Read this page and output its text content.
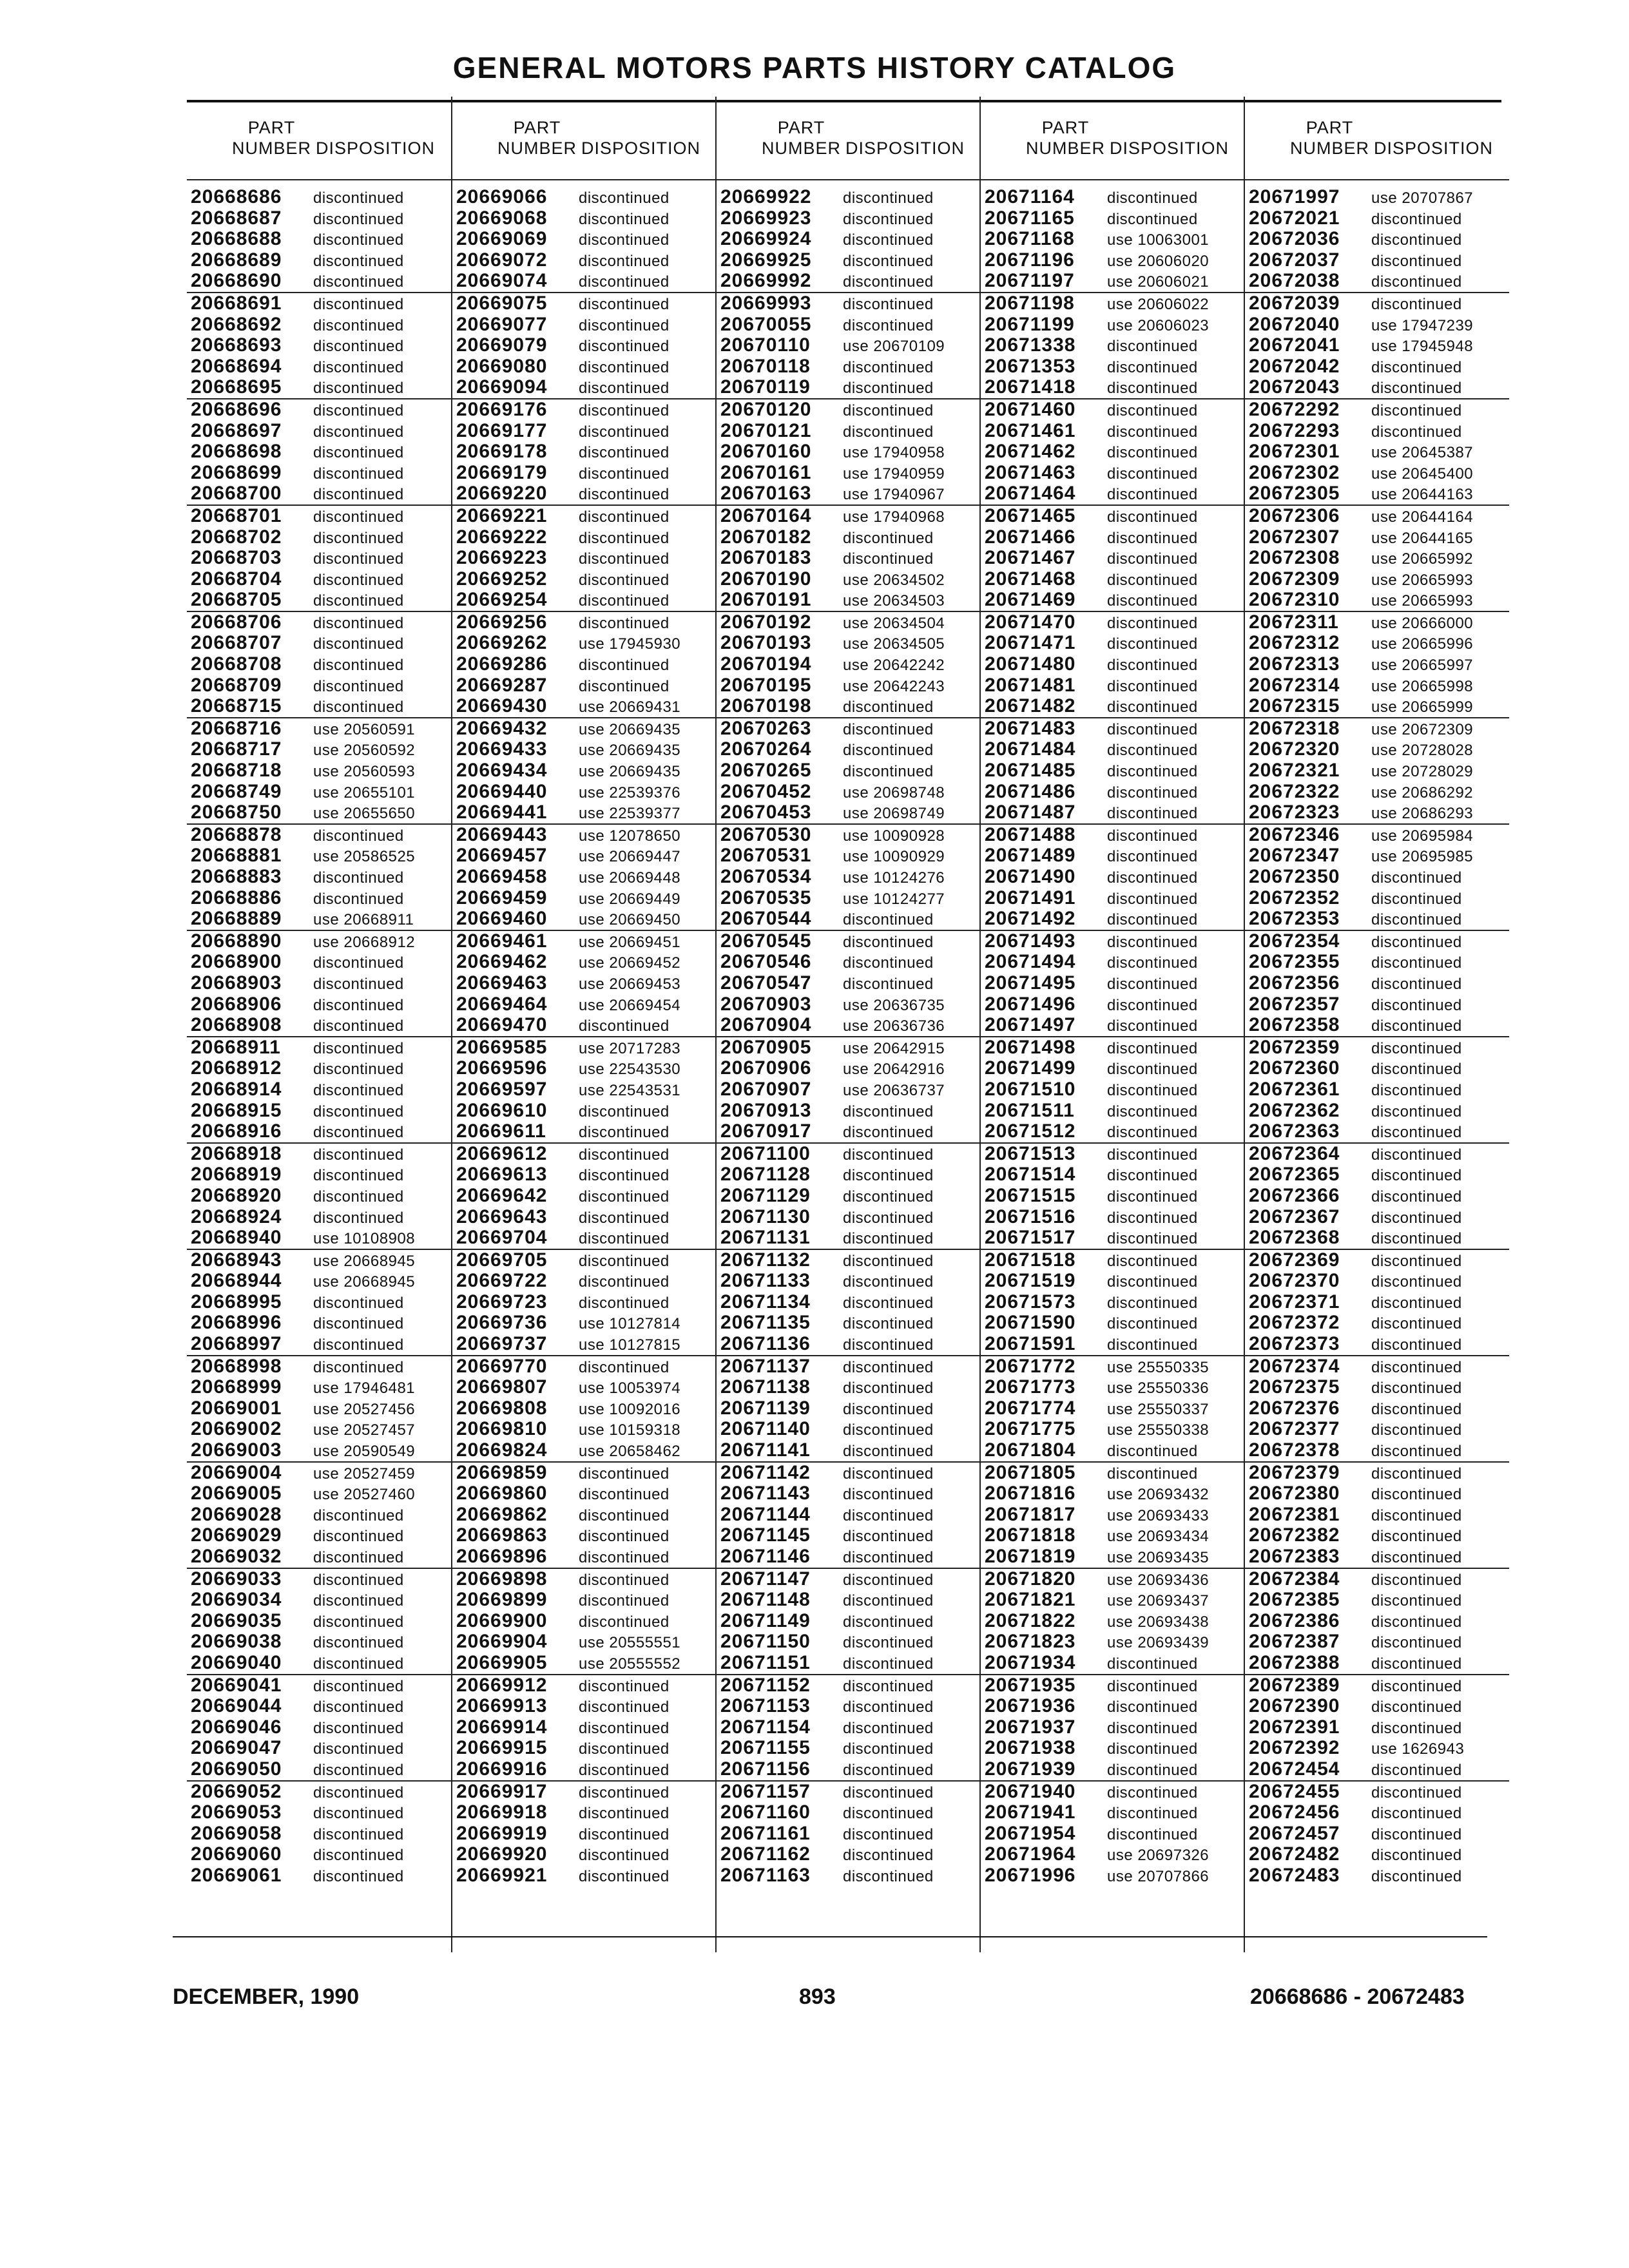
GENERAL MOTORS PARTS HISTORY CATALOG
PART
NUMBER DISPOSITION
20668686	discontinued
20668687	discontinued
20668688	discontinued
20668689	discontinued
20668690	discontinued
20668691	discontinued
20668692	discontinued
20668693	discontinued
20668694	discontinued
20668695	discontinued
20668696	discontinued
20668697	discontinued
20668698	discontinued
20668699	discontinued
20668700	discontinued
20668701	discontinued
20668702	discontinued
20668703	discontinued
20668704	discontinued
20668705	discontinued
20668706	discontinued
20668707	discontinued
20668708	discontinued
20668709	discontinued
20668715	discontinued
20668716	use 20560591
20668717	use 20560592
20668718	use 20560593
20668749	use 20655101
20668750	use 20655650
20668878	discontinued
20668881	use 20586525
20668883	discontinued
20668886	discontinued
20668889	use 20668911
20668890	use 20668912
20668900	discontinued
20668903	discontinued
20668906	discontinued
20668908	discontinued
20668911	discontinued
20668912	discontinued
20668914	discontinued
20668915	discontinued
20668916	discontinued
20668918	discontinued
20668919	discontinued
20668920	discontinued
20668924	discontinued
20668940	use 10108908
20668943	use 20668945
20668944	use 20668945
20668995	discontinued
20668996	discontinued
20668997	discontinued
20668998	discontinued
20668999	use 17946481
20669001	use 20527456
20669002	use 20527457
20669003	use 20590549
20669004	use 20527459
20669005	use 20527460
20669028	discontinued
20669029	discontinued
20669032	discontinued
20669033	discontinued
20669034	discontinued
20669035	discontinued
20669038	discontinued
20669040	discontinued
20669041	discontinued
20669044	discontinued
20669046	discontinued
20669047	discontinued
20669050	discontinued
20669052	discontinued
20669053	discontinued
20669058	discontinued
20669060	discontinued
20669061	discontinued
PART
NUMBER DISPOSITION
20669066	discontinued
20669068	discontinued
20669069	discontinued
20669072	discontinued
20669074	discontinued
20669075	discontinued
20669077	discontinued
20669079	discontinued
20669080	discontinued
20669094	discontinued
20669176	discontinued
20669177	discontinued
20669178	discontinued
20669179	discontinued
20669220	discontinued
20669221	discontinued
20669222	discontinued
20669223	discontinued
20669252	discontinued
20669254	discontinued
20669256	discontinued
20669262	use 17945930
20669286	discontinued
20669287	discontinued
20669430	use 20669431
20669432	use 20669435
20669433	use 20669435
20669434	use 20669435
20669440	use 22539376
20669441	use 22539377
20669443	use 12078650
20669457	use 20669447
20669458	use 20669448
20669459	use 20669449
20669460	use 20669450
20669461	use 20669451
20669462	use 20669452
20669463	use 20669453
20669464	use 20669454
20669470	discontinued
20669585	use 20717283
20669596	use 22543530
20669597	use 22543531
20669610	discontinued
20669611	discontinued
20669612	discontinued
20669613	discontinued
20669642	discontinued
20669643	discontinued
20669704	discontinued
20669705	discontinued
20669722	discontinued
20669723	discontinued
20669736	use 10127814
20669737	use 10127815
20669770	discontinued
20669807	use 10053974
20669808	use 10092016
20669810	use 10159318
20669824	use 20658462
20669859	discontinued
20669860	discontinued
20669862	discontinued
20669863	discontinued
20669896	discontinued
20669898	discontinued
20669899	discontinued
20669900	discontinued
20669904	use 20555551
20669905	use 20555552
20669912	discontinued
20669913	discontinued
20669914	discontinued
20669915	discontinued
20669916	discontinued
20669917	discontinued
20669918	discontinued
20669919	discontinued
20669920	discontinued
20669921	discontinued
PART
NUMBER DISPOSITION
20669922	discontinued
20669923	discontinued
20669924	discontinued
20669925	discontinued
20669992	discontinued
20669993	discontinued
20670055	discontinued
20670110	use 20670109
20670118	discontinued
20670119	discontinued
20670120	discontinued
20670121	discontinued
20670160	use 17940958
20670161	use 17940959
20670163	use 17940967
20670164	use 17940968
20670182	discontinued
20670183	discontinued
20670190	use 20634502
20670191	use 20634503
20670192	use 20634504
20670193	use 20634505
20670194	use 20642242
20670195	use 20642243
20670198	discontinued
20670263	discontinued
20670264	discontinued
20670265	discontinued
20670452	use 20698748
20670453	use 20698749
20670530	use 10090928
20670531	use 10090929
20670534	use 10124276
20670535	use 10124277
20670544	discontinued
20670545	discontinued
20670546	discontinued
20670547	discontinued
20670903	use 20636735
20670904	use 20636736
20670905	use 20642915
20670906	use 20642916
20670907	use 20636737
20670913	discontinued
20670917	discontinued
20671100	discontinued
20671128	discontinued
20671129	discontinued
20671130	discontinued
20671131	discontinued
20671132	discontinued
20671133	discontinued
20671134	discontinued
20671135	discontinued
20671136	discontinued
20671137	discontinued
20671138	discontinued
20671139	discontinued
20671140	discontinued
20671141	discontinued
20671142	discontinued
20671143	discontinued
20671144	discontinued
20671145	discontinued
20671146	discontinued
20671147	discontinued
20671148	discontinued
20671149	discontinued
20671150	discontinued
20671151	discontinued
20671152	discontinued
20671153	discontinued
20671154	discontinued
20671155	discontinued
20671156	discontinued
20671157	discontinued
20671160	discontinued
20671161	discontinued
20671162	discontinued
20671163	discontinued
PART
NUMBER DISPOSITION
20671164	discontinued
20671165	discontinued
20671168	use 10063001
20671196	use 20606020
20671197	use 20606021
20671198	use 20606022
20671199	use 20606023
20671338	discontinued
20671353	discontinued
20671418	discontinued
20671460	discontinued
20671461	discontinued
20671462	discontinued
20671463	discontinued
20671464	discontinued
20671465	discontinued
20671466	discontinued
20671467	discontinued
20671468	discontinued
20671469	discontinued
20671470	discontinued
20671471	discontinued
20671480	discontinued
20671481	discontinued
20671482	discontinued
20671483	discontinued
20671484	discontinued
20671485	discontinued
20671486	discontinued
20671487	discontinued
20671488	discontinued
20671489	discontinued
20671490	discontinued
20671491	discontinued
20671492	discontinued
20671493	discontinued
20671494	discontinued
20671495	discontinued
20671496	discontinued
20671497	discontinued
20671498	discontinued
20671499	discontinued
20671510	discontinued
20671511	discontinued
20671512	discontinued
20671513	discontinued
20671514	discontinued
20671515	discontinued
20671516	discontinued
20671517	discontinued
20671518	discontinued
20671519	discontinued
20671573	discontinued
20671590	discontinued
20671591	discontinued
20671772	use 25550335
20671773	use 25550336
20671774	use 25550337
20671775	use 25550338
20671804	discontinued
20671805	discontinued
20671816	use 20693432
20671817	use 20693433
20671818	use 20693434
20671819	use 20693435
20671820	use 20693436
20671821	use 20693437
20671822	use 20693438
20671823	use 20693439
20671934	discontinued
20671935	discontinued
20671936	discontinued
20671937	discontinued
20671938	discontinued
20671939	discontinued
20671940	discontinued
20671941	discontinued
20671954	discontinued
20671964	use 20697326
20671996	use 20707866
PART
NUMBER DISPOSITION
20671997	use 20707867
20672021	discontinued
20672036	discontinued
20672037	discontinued
20672038	discontinued
20672039	discontinued
20672040	use 17947239
20672041	use 17945948
20672042	discontinued
20672043	discontinued
20672292	discontinued
20672293	discontinued
20672301	use 20645387
20672302	use 20645400
20672305	use 20644163
20672306	use 20644164
20672307	use 20644165
20672308	use 20665992
20672309	use 20665993
20672310	use 20665993
20672311	use 20666000
20672312	use 20665996
20672313	use 20665997
20672314	use 20665998
20672315	use 20665999
20672318	use 20672309
20672320	use 20728028
20672321	use 20728029
20672322	use 20686292
20672323	use 20686293
20672346	use 20695984
20672347	use 20695985
20672350	discontinued
20672352	discontinued
20672353	discontinued
20672354	discontinued
20672355	discontinued
20672356	discontinued
20672357	discontinued
20672358	discontinued
20672359	discontinued
20672360	discontinued
20672361	discontinued
20672362	discontinued
20672363	discontinued
20672364	discontinued
20672365	discontinued
20672366	discontinued
20672367	discontinued
20672368	discontinued
20672369	discontinued
20672370	discontinued
20672371	discontinued
20672372	discontinued
20672373	discontinued
20672374	discontinued
20672375	discontinued
20672376	discontinued
20672377	discontinued
20672378	discontinued
20672379	discontinued
20672380	discontinued
20672381	discontinued
20672382	discontinued
20672383	discontinued
20672384	discontinued
20672385	discontinued
20672386	discontinued
20672387	discontinued
20672388	discontinued
20672389	discontinued
20672390	discontinued
20672391	discontinued
20672392	use 1626943
20672454	discontinued
20672455	discontinued
20672456	discontinued
20672457	discontinued
20672482	discontinued
20672483	discontinued
DECEMBER, 1990	893	20668686 - 20672483
